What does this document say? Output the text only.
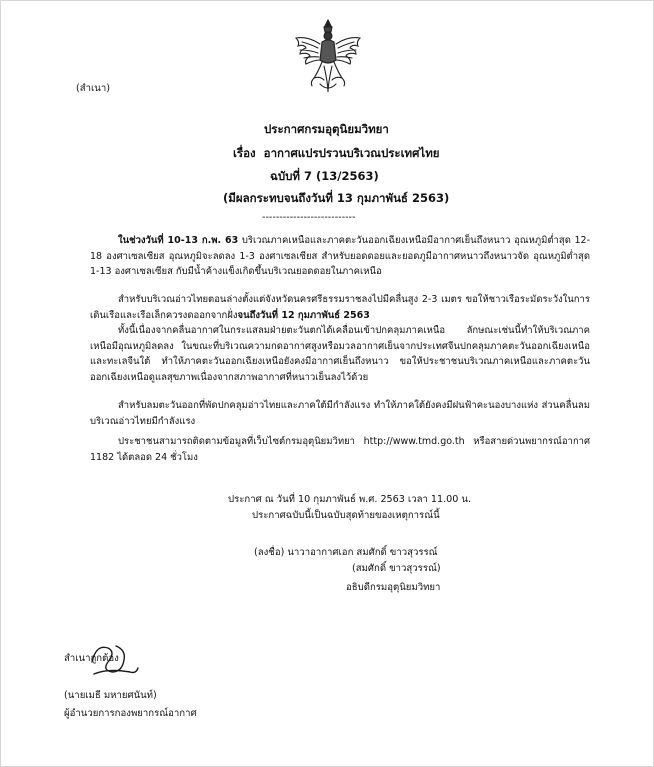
(สำเนา)
ประกาศกรมอุตุนิยมวิทยา
เรื่อง อากาศแปรปรวนบริเวณประเทศไทย
ฉบับที่ 7 (13/2563)
(มีผลกระทบจนถึงวันที่ 13 กุมภาพันธ์ 2563)
---------------------------
ในช่วงวันที่ 10-13 ก.พ. 63 บริเวณภาคเหนือและภาคตะวันออกเฉียงเหนือมีอากาศเย็นถึงหนาว อุณหภูมิต่ำสุด 12-18 องศาเซลเซียส อุณหภูมิจะลดลง 1-3 องศาเซลเซียส สำหรับยอดดอยและยอดภูมีอากาศหนาวถึงหนาวจัด อุณหภูมิต่ำสุด 1-13 องศาเซลเซียส กับมีน้ำค้างแข็งเกิดขึ้นบริเวณยอดดอยในภาคเหนือ
สำหรับบริเวณอ่าวไทยตอนล่างตั้งแต่จังหวัดนครศรีธรรมราชลงไปมีคลื่นสูง 2-3 เมตร ขอให้ชาวเรือระมัดระวังในการเดินเรือและเรือเล็กควรงดออกจากฝั่งจนถึงวันที่ 12 กุมภาพันธ์ 2563
ทั้งนี้เนื่องจากคลื่นอากาศในกระแสลมฝ่ายตะวันตกได้เคลื่อนเข้าปกคลุมภาคเหนือ ลักษณะเช่นนี้ทำให้บริเวณภาคเหนือมีอุณหภูมิลดลง ในขณะที่บริเวณความกดอากาศสูงหรือมวลอากาศเย็นจากประเทศจีนปกคลุมภาคตะวันออกเฉียงเหนือและทะเลจีนใต้ ทำให้ภาคตะวันออกเฉียงเหนือยังคงมีอากาศเย็นถึงหนาว ขอให้ประชาชนบริเวณภาคเหนือและภาคตะวันออกเฉียงเหนือดูแลสุขภาพเนื่องจากสภาพอากาศที่หนาวเย็นลงไว้ด้วย
สำหรับลมตะวันออกที่พัดปกคลุมอ่าวไทยและภาคใต้มีกำลังแรง ทำให้ภาคใต้ยังคงมีฝนฟ้าคะนองบางแห่ง ส่วนคลื่นลมบริเวณอ่าวไทยมีกำลังแรง
ประชาชนสามารถติดตามข้อมูลที่เว็บไซต์กรมอุตุนิยมวิทยา http://www.tmd.go.th หรือสายด่วนพยากรณ์อากาศ 1182 ได้ตลอด 24 ชั่วโมง
ประกาศ ณ วันที่ 10 กุมภาพันธ์ พ.ศ. 2563 เวลา 11.00 น.
ประกาศฉบับนี้เป็นฉบับสุดท้ายของเหตุการณ์นี้
(ลงชื่อ) นาวาอากาศเอก สมศักดิ์ ขาวสุวรรณ์
(สมศักดิ์ ขาวสุวรรณ์)
อธิบดีกรมอุตุนิยมวิทยา
สำเนาถูกต้อง
(นายเมธี มหายศนันท์)
ผู้อำนวยการกองพยากรณ์อากาศ
